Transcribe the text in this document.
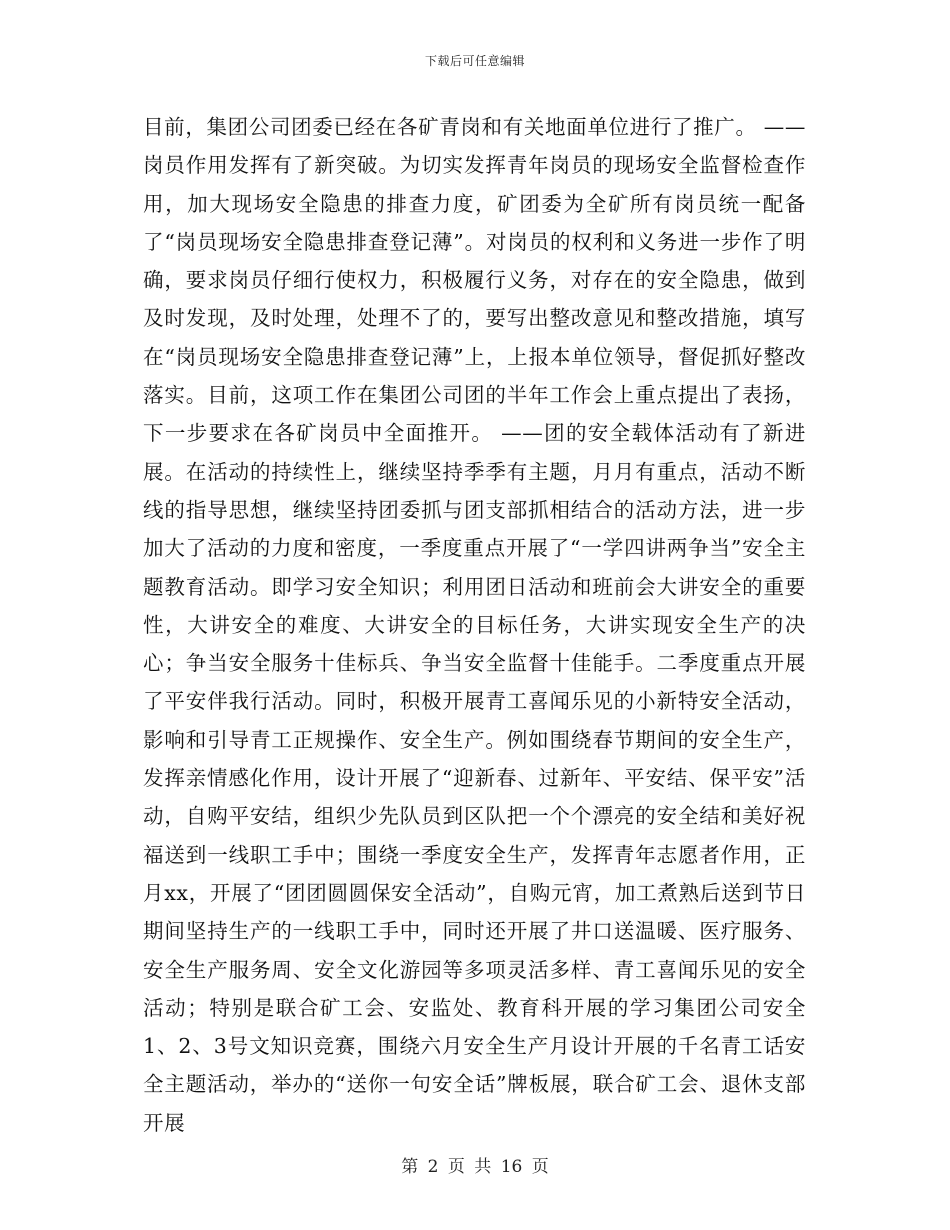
下载后可任意编辑

目前，集团公司团委已经在各矿青岗和有关地面单位进行了推广。 ——岗员作用发挥有了新突破。为切实发挥青年岗员的现场安全监督检查作用，加大现场安全隐患的排查力度，矿团委为全矿所有岗员统一配备了“岗员现场安全隐患排查登记薄”。对岗员的权利和义务进一步作了明确，要求岗员仔细行使权力，积极履行义务，对存在的安全隐患，做到及时发现，及时处理，处理不了的，要写出整改意见和整改措施，填写在“岗员现场安全隐患排查登记薄”上，上报本单位领导，督促抓好整改落实。目前，这项工作在集团公司团的半年工作会上重点提出了表扬，下一步要求在各矿岗员中全面推开。 ——团的安全载体活动有了新进展。在活动的持续性上，继续坚持季季有主题，月月有重点，活动不断线的指导思想，继续坚持团委抓与团支部抓相结合的活动方法，进一步加大了活动的力度和密度，一季度重点开展了“一学四讲两争当”安全主题教育活动。即学习安全知识；利用团日活动和班前会大讲安全的重要性，大讲安全的难度、大讲安全的目标任务，大讲实现安全生产的决心；争当安全服务十佳标兵、争当安全监督十佳能手。二季度重点开展了平安伴我行活动。同时，积极开展青工喜闻乐见的小新特安全活动，影响和引导青工正规操作、安全生产。例如围绕春节期间的安全生产，发挥亲情感化作用，设计开展了“迎新春、过新年、平安结、保平安”活动，自购平安结，组织少先队员到区队把一个个漂亮的安全结和美好祝福送到一线职工手中；围绕一季度安全生产，发挥青年志愿者作用，正月xx，开展了“团团圆圆保安全活动”，自购元宵，加工煮熟后送到节日期间坚持生产的一线职工手中，同时还开展了井口送温暖、医疗服务、安全生产服务周、安全文化游园等多项灵活多样、青工喜闻乐见的安全活动；特别是联合矿工会、安监处、教育科开展的学习集团公司安全1、2、3号文知识竞赛，围绕六月安全生产月设计开展的千名青工话安全主题活动，举办的“送你一句安全话”牌板展，联合矿工会、退休支部开展

第 2 页 共 16 页
